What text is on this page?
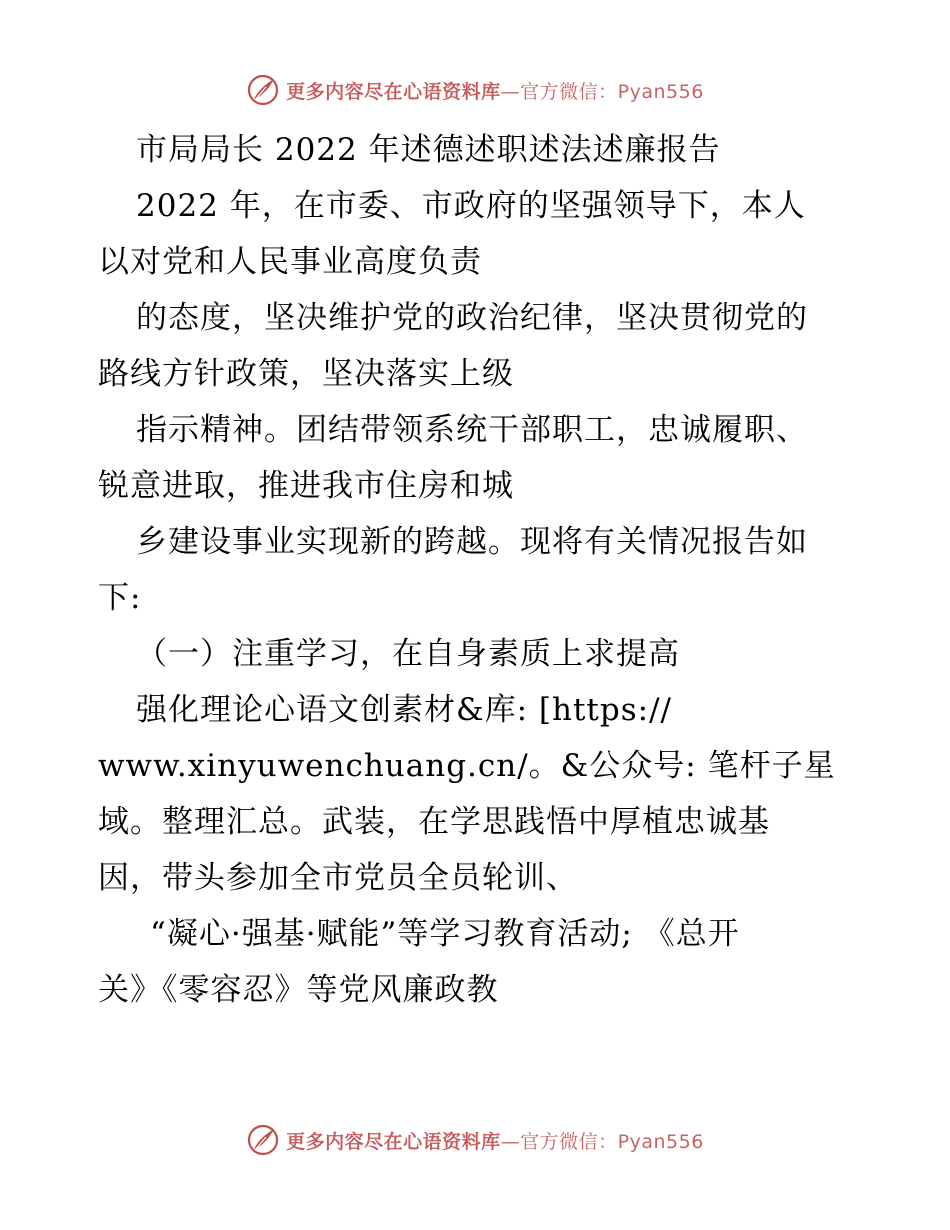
更多内容尽在心语资料库—官方微信：Pyan556
市局局长 2022 年述德述职述法述廉报告
2022 年，在市委、市政府的坚强领导下，本人
以对党和人民事业高度负责
的态度，坚决维护党的政治纪律，坚决贯彻党的
路线方针政策，坚决落实上级
指示精神。团结带领系统干部职工，忠诚履职、
锐意进取，推进我市住房和城
乡建设事业实现新的跨越。现将有关情况报告如
下:
（一）注重学习，在自身素质上求提高
强化理论心语文创素材&库: [https://
www.xinyuwenchuang.cn/。&公众号: 笔杆子星
域。整理汇总。武装，在学思践悟中厚植忠诚基
因，带头参加全市党员全员轮训、
“凝心·强基·赋能”等学习教育活动; 《总开
关》《零容忍》等党风廉政教
更多内容尽在心语资料库—官方微信：Pyan556
